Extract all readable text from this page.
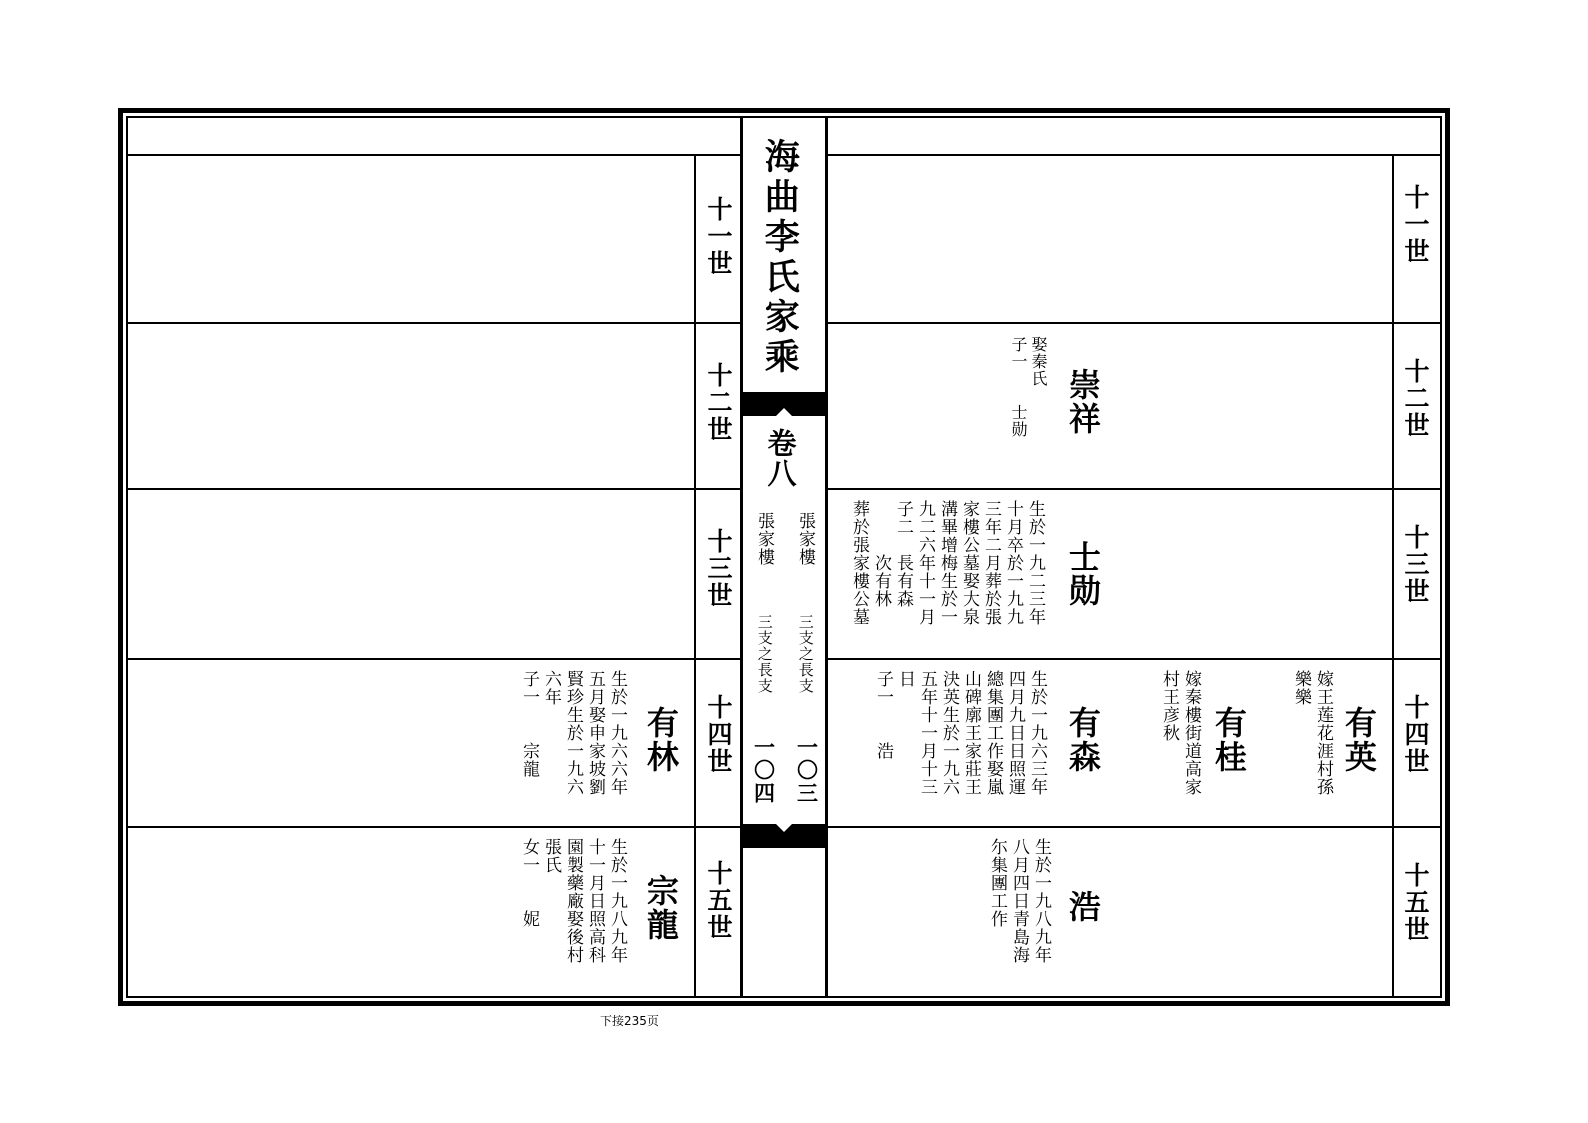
海曲李氏家乘
卷八
張家樓
張家樓
三支之長支
三支之長支
一〇三
一〇四
十一世
十二世
十三世
十四世
十五世
十一世
十二世
十三世
十四世
十五世
崇祥
娶秦氏
子一　　士勋
士勋
生於一九二三年
十月卒於一九九
三年二月葬於張
家樓公墓娶大泉
溝畢增梅生於一
九二六年十一月
子二　長有森
　　　次有林
葬於張家樓公墓
有森
生於一九六三年
四月九日日照運
總集團工作娶嵐
山碑廓王家莊王
決英生於一九六
五年十一月十三
日
子一　　浩	有桂
嫁秦樓街道高家
村王彦秋	有英
嫁王莲花涯村孫
樂樂
浩
生於一九八九年
八月四日青島海
尓集團工作
有林
生於一九六六年
五月娶申家坡劉
賢珍生於一九六
六年
子一　　宗龍
宗龍
生於一九八九年
十一月日照高科
園製藥廠娶後村
張氏
女一　　妮
下接235页
